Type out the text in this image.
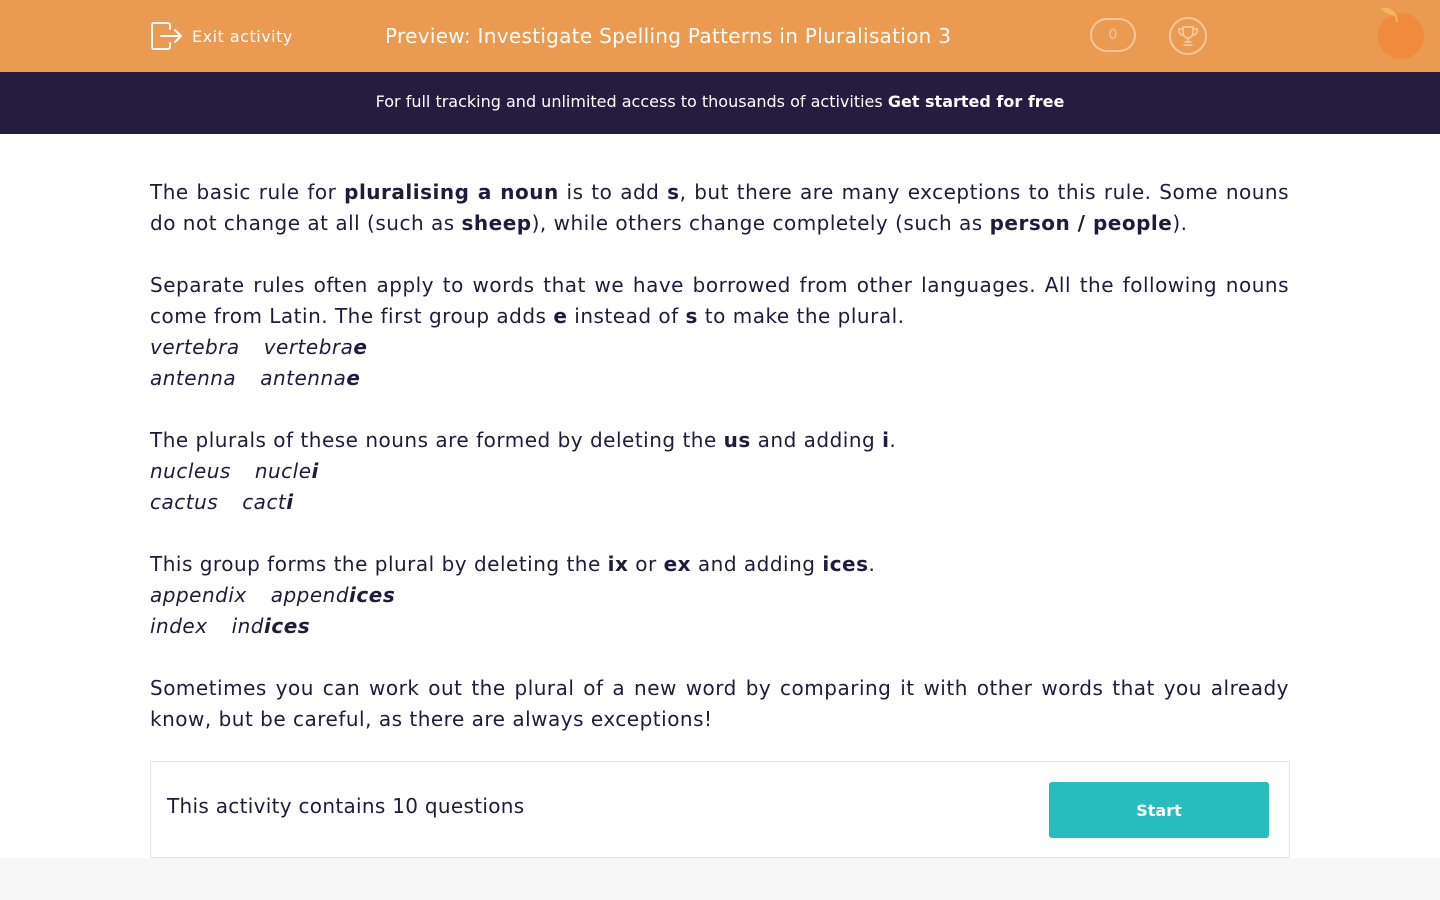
Exit activity	Preview: Investigate Spelling Patterns in Pluralisation 3	0
For full tracking and unlimited access to thousands of activities Get started for free

The basic rule for pluralising a noun is to add s, but there are many exceptions to this rule. Some nouns do not change at all (such as sheep), while others change completely (such as person / people).

Separate rules often apply to words that we have borrowed from other languages. All the following nouns come from Latin. The first group adds e instead of s to make the plural.

vertebra vertebrae
antenna antennae

The plurals of these nouns are formed by deleting the us and adding i.

nucleus nuclei
cactus cacti

This group forms the plural by deleting the ix or ex and adding ices.

appendix appendices
index indices

Sometimes you can work out the plural of a new word by comparing it with other words that you already know, but be careful, as there are always exceptions!

This activity contains 10 questions	Start
